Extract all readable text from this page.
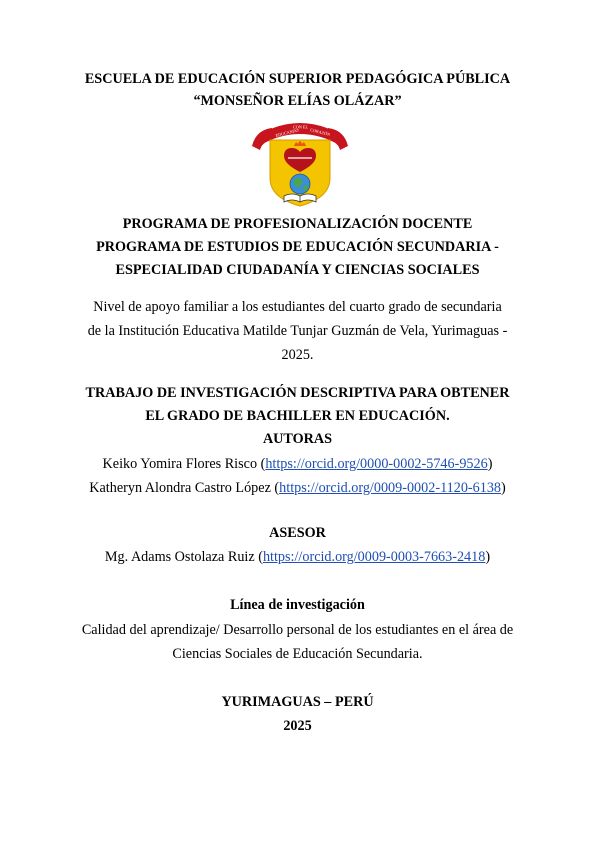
ESCUELA DE EDUCACIÓN SUPERIOR PEDAGÓGICA PÚBLICA
“MONSEÑOR ELÍAS OLÁZAR”
EDUCANDO
CON EL
CORAZÓN
PROGRAMA DE PROFESIONALIZACIÓN DOCENTE
PROGRAMA DE ESTUDIOS DE EDUCACIÓN SECUNDARIA -
ESPECIALIDAD CIUDADANÍA Y CIENCIAS SOCIALES
Nivel de apoyo familiar a los estudiantes del cuarto grado de secundaria
de la Institución Educativa Matilde Tunjar Guzmán de Vela, Yurimaguas -
2025.
TRABAJO DE INVESTIGACIÓN DESCRIPTIVA PARA OBTENER
EL GRADO DE BACHILLER EN EDUCACIÓN.
AUTORAS
Keiko Yomira Flores Risco (https://orcid.org/0000-0002-5746-9526)
Katheryn Alondra Castro López (https://orcid.org/0009-0002-1120-6138)
ASESOR
Mg. Adams Ostolaza Ruiz (https://orcid.org/0009-0003-7663-2418)
Línea de investigación
Calidad del aprendizaje/ Desarrollo personal de los estudiantes en el área de
Ciencias Sociales de Educación Secundaria.
YURIMAGUAS – PERÚ
2025
